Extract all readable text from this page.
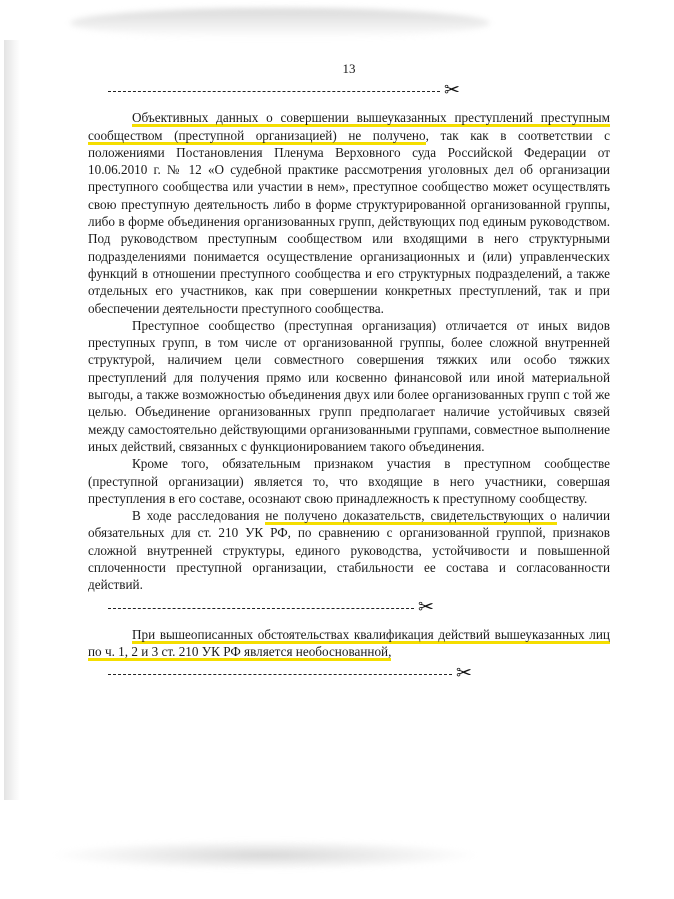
13
✂

Объективных данных о совершении вышеуказанных преступлений преступным сообществом (преступной организацией) не получено, так как в соответствии с положениями Постановления Пленума Верховного суда Российской Федерации от 10.06.2010 г. № 12 «О судебной практике рассмотрения уголовных дел об организации преступного сообщества или участии в нем», преступное сообщество может осуществлять свою преступную деятельность либо в форме структурированной организованной группы, либо в форме объединения организованных групп, действующих под единым руководством. Под руководством преступным сообществом или входящими в него структурными подразделениями понимается осуществление организационных и (или) управленческих функций в отношении преступного сообщества и его структурных подразделений, а также отдельных его участников, как при совершении конкретных преступлений, так и при обеспечении деятельности преступного сообщества.

Преступное сообщество (преступная организация) отличается от иных видов преступных групп, в том числе от организованной группы, более сложной внутренней структурой, наличием цели совместного совершения тяжких или особо тяжких преступлений для получения прямо или косвенно финансовой или иной материальной выгоды, а также возможностью объединения двух или более организованных групп с той же целью. Объединение организованных групп предполагает наличие устойчивых связей между самостоятельно действующими организованными группами, совместное выполнение иных действий, связанных с функционированием такого объединения.

Кроме того, обязательным признаком участия в преступном сообществе (преступной организации) является то, что входящие в него участники, совершая преступления в его составе, осознают свою принадлежность к преступному сообществу.

В ходе расследования не получено доказательств, свидетельствующих о наличии обязательных для ст. 210 УК РФ, по сравнению с организованной группой, признаков сложной внутренней структуры, единого руководства, устойчивости и повышенной сплоченности преступной организации, стабильности ее состава и согласованности действий.

✂

При вышеописанных обстоятельствах квалификация действий вышеуказанных лиц по ч. 1, 2 и 3 ст. 210 УК РФ является необоснованной,

✂
